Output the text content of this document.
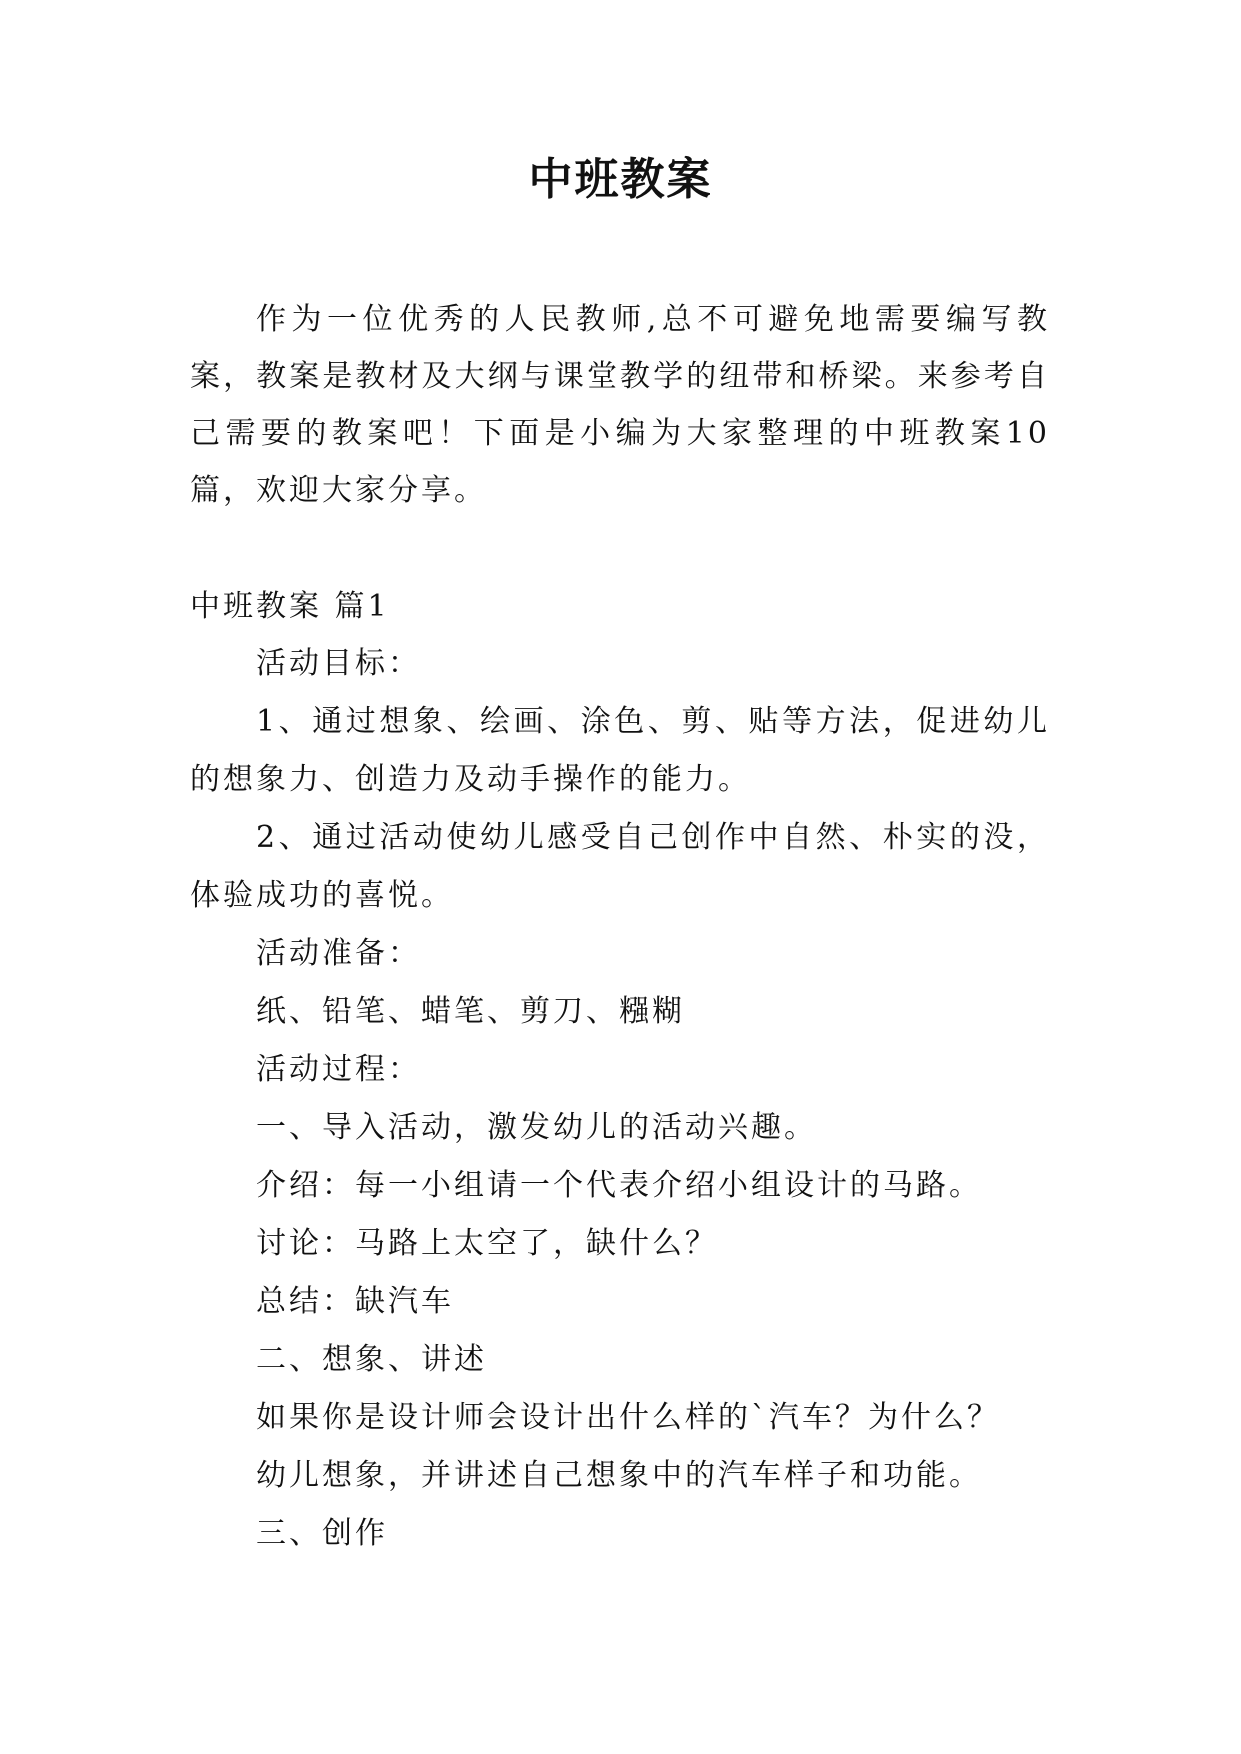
中班教案
作为一位优秀的人民教师,总不可避免地需要编写教案，教案是教材及大纲与课堂教学的纽带和桥梁。来参考自己需要的教案吧！下面是小编为大家整理的中班教案10篇，欢迎大家分享。
中班教案 篇1

活动目标：

1、通过想象、绘画、涂色、剪、贴等方法，促进幼儿的想象力、创造力及动手操作的能力。

2、通过活动使幼儿感受自己创作中自然、朴实的没，体验成功的喜悦。

活动准备：

纸、铅笔、蜡笔、剪刀、糨糊

活动过程：

一、导入活动，激发幼儿的活动兴趣。

介绍：每一小组请一个代表介绍小组设计的马路。

讨论：马路上太空了，缺什么？

总结：缺汽车

二、想象、讲述

如果你是设计师会设计出什么样的`汽车？为什么？

幼儿想象，并讲述自己想象中的汽车样子和功能。

三、创作
